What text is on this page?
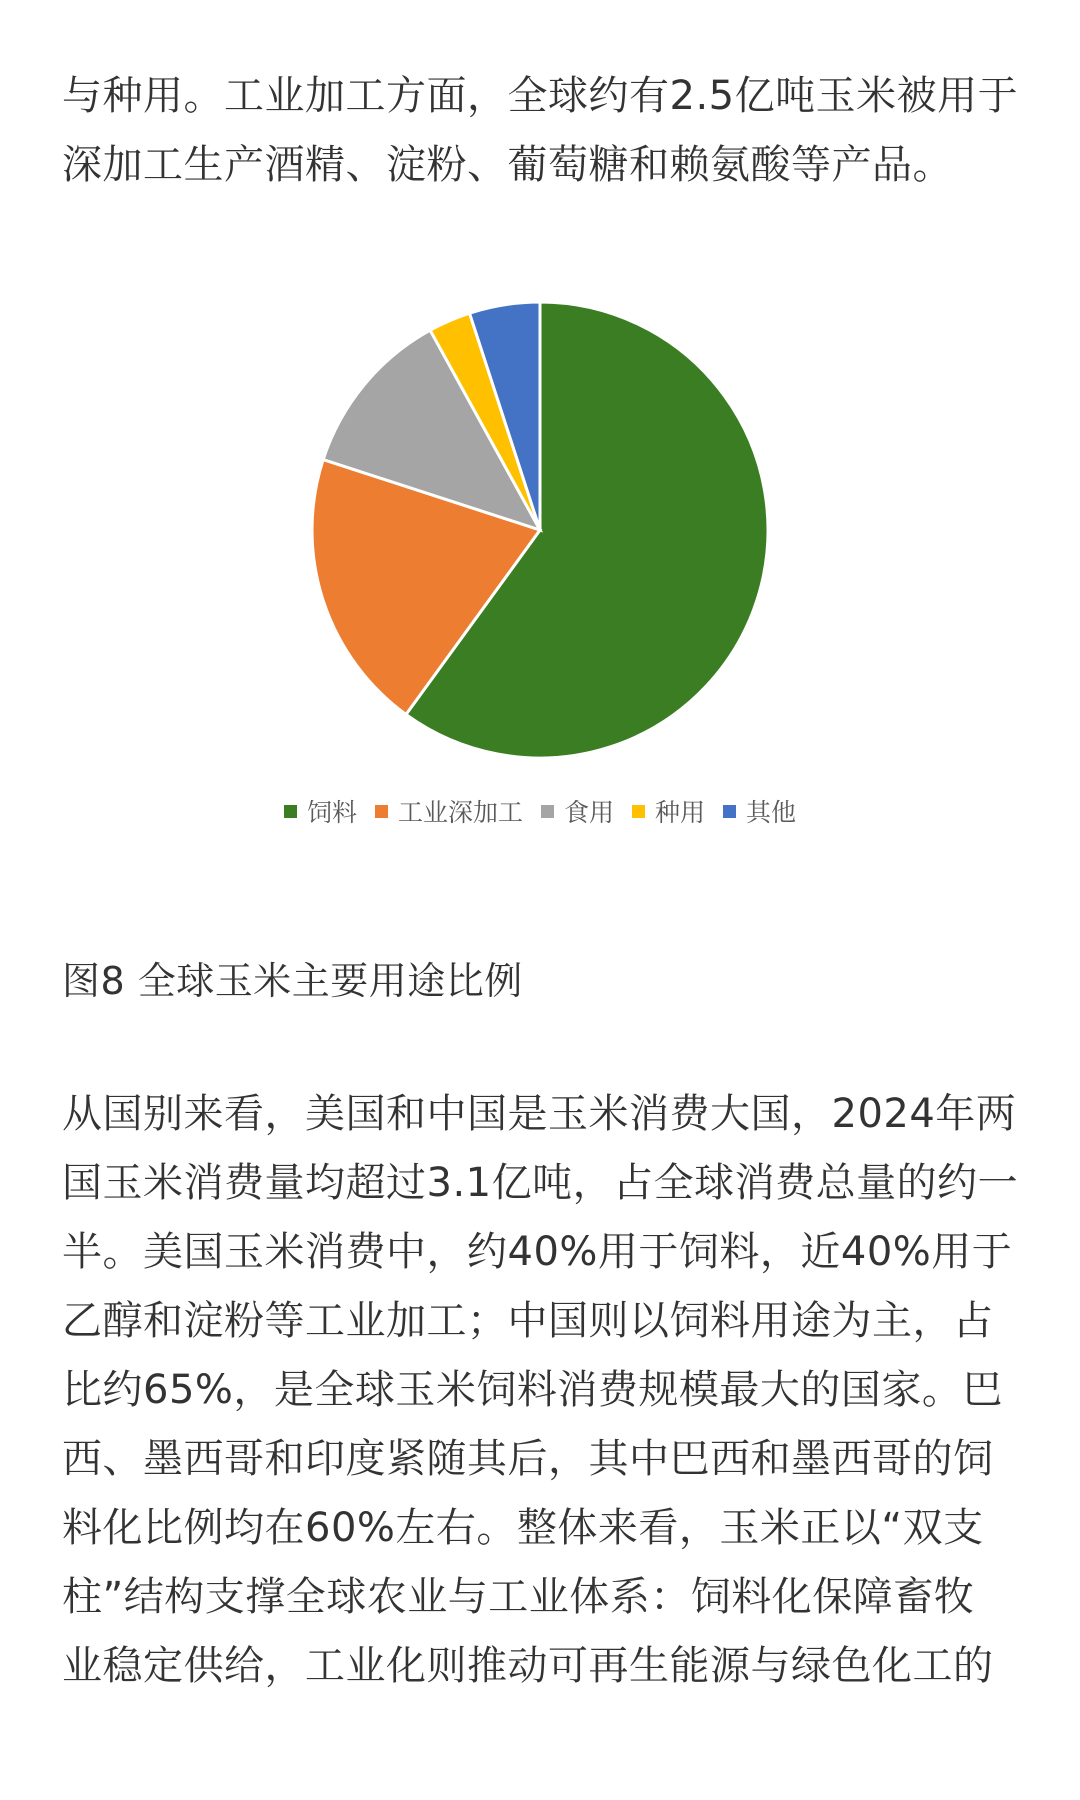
与种用。工业加工方面，全球约有2.5亿吨玉米被用于
深加工生产酒精、淀粉、葡萄糖和赖氨酸等产品。
饲料 工业深加工 食用 种用 其他
图8 全球玉米主要用途比例
从国别来看，美国和中国是玉米消费大国，2024年两
国玉米消费量均超过3.1亿吨，占全球消费总量的约一
半。美国玉米消费中，约40%用于饲料，近40%用于
乙醇和淀粉等工业加工；中国则以饲料用途为主，占
比约65%，是全球玉米饲料消费规模最大的国家。巴
西、墨西哥和印度紧随其后，其中巴西和墨西哥的饲
料化比例均在60%左右。整体来看，玉米正以“双支
柱”结构支撑全球农业与工业体系：饲料化保障畜牧
业稳定供给，工业化则推动可再生能源与绿色化工的
